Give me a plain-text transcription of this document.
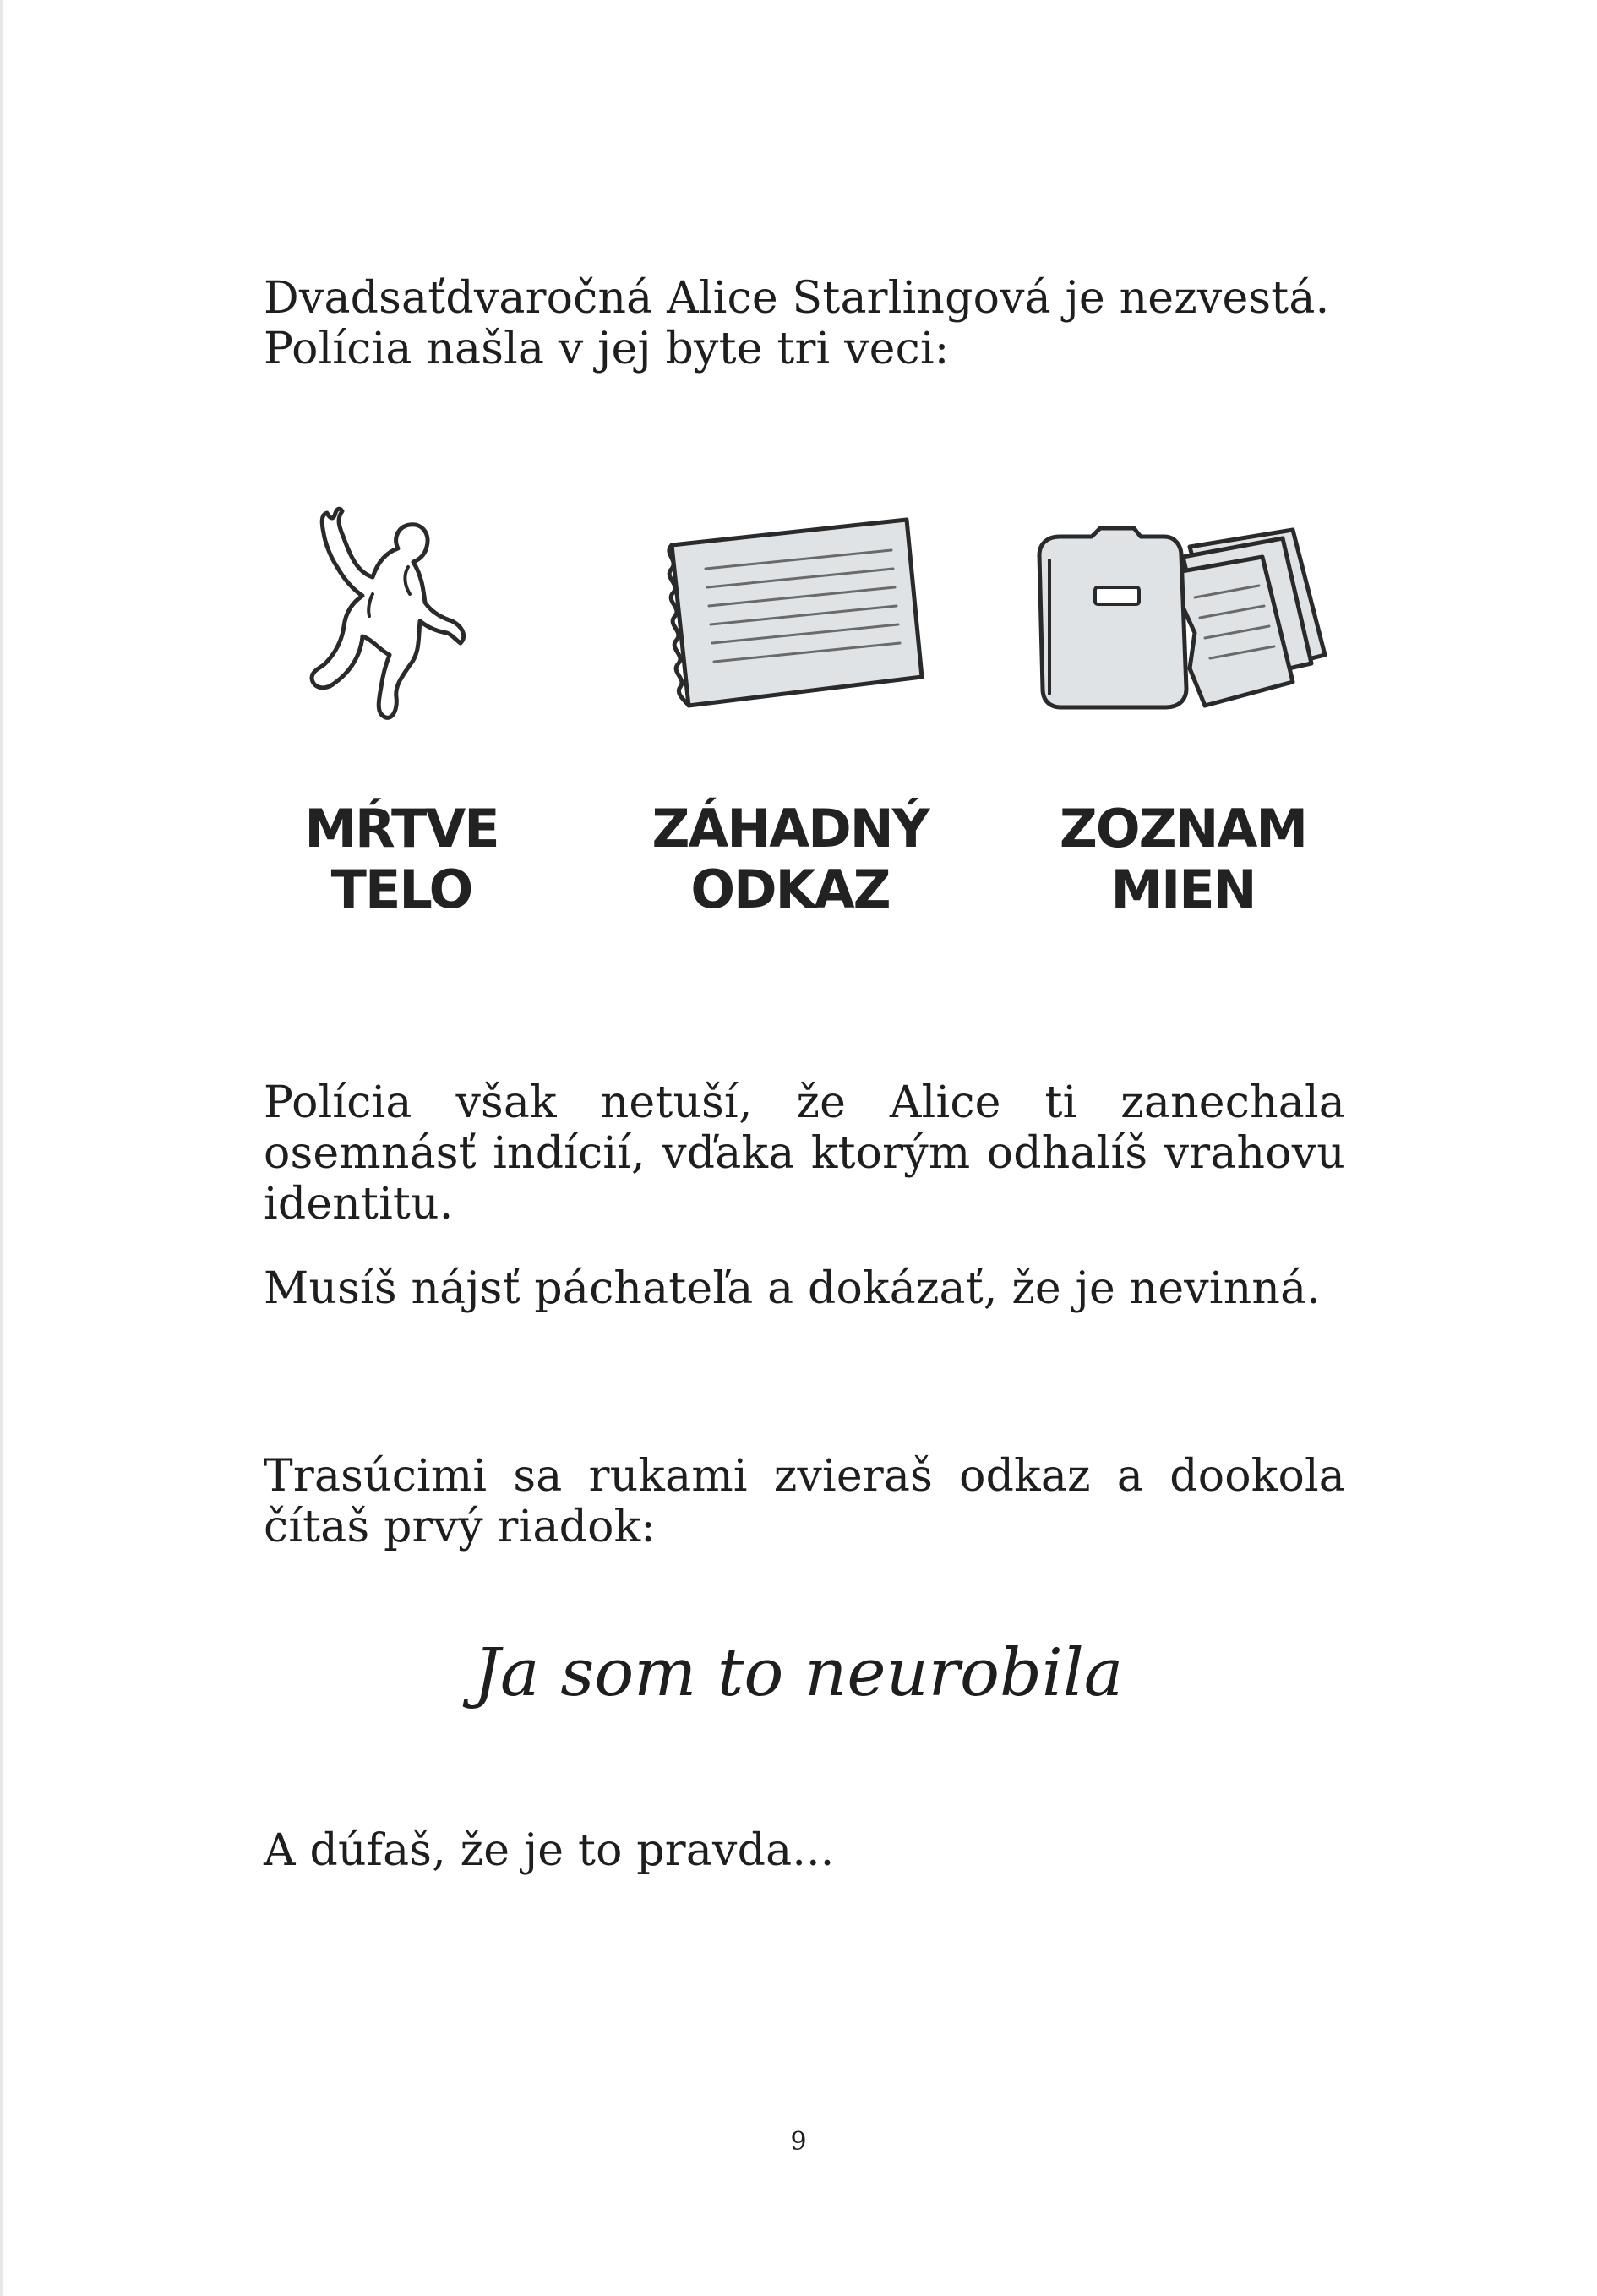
Dvadsaťdvaročná Alice Starlingová je nezvestá. Polícia našla v jej byte tri veci:

MŔTVE
TELO
ZÁHADNÝ
ODKAZ
ZOZNAM
MIEN

Polícia však netuší, že Alice ti zanechala osemnásť indícií, vďaka ktorým odhalíš vrahovu identitu.

Musíš nájsť páchateľa a dokázať, že je nevinná.

Trasúcimi sa rukami zvieraš odkaz a dookola čítaš prvý riadok:

Ja som to neurobila

A dúfaš, že je to pravda...

9
